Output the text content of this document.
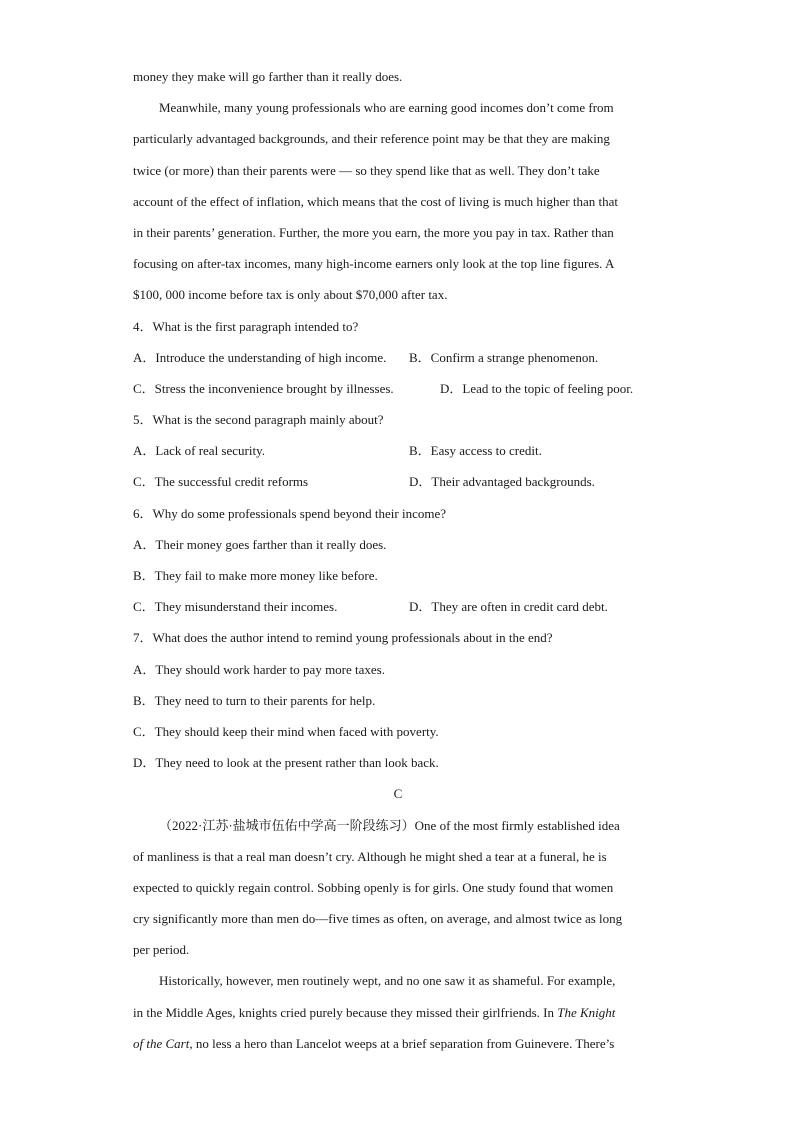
money they make will go farther than it really does.
Meanwhile, many young professionals who are earning good incomes don’t come from
particularly advantaged backgrounds, and their reference point may be that they are making
twice (or more) than their parents were — so they spend like that as well. They don’t take
account of the effect of inflation, which means that the cost of living is much higher than that
in their parents’ generation. Further, the more you earn, the more you pay in tax. Rather than
focusing on after-tax incomes, many high-income earners only look at the top line figures. A
$100, 000 income before tax is only about $70,000 after tax.
4．What is the first paragraph intended to?
A．Introduce the understanding of high income. B．Confirm a strange phenomenon.
C．Stress the inconvenience brought by illnesses.	D．Lead to the topic of feeling poor.
5．What is the second paragraph mainly about?
A．Lack of real security.	B．Easy access to credit.
C．The successful credit reforms	D．Their advantaged backgrounds.
6．Why do some professionals spend beyond their income?
A．Their money goes farther than it really does.
B．They fail to make more money like before.
C．They misunderstand their incomes.	D．They are often in credit card debt.
7．What does the author intend to remind young professionals about in the end?
A．They should work harder to pay more taxes.
B．They need to turn to their parents for help.
C．They should keep their mind when faced with poverty.
D．They need to look at the present rather than look back.
C
（2022·江苏·盐城市伍佑中学高一阶段练习）One of the most firmly established idea
of manliness is that a real man doesn’t cry. Although he might shed a tear at a funeral, he is
expected to quickly regain control. Sobbing openly is for girls. One study found that women
cry significantly more than men do—five times as often, on average, and almost twice as long
per period.
Historically, however, men routinely wept, and no one saw it as shameful. For example,
in the Middle Ages, knights cried purely because they missed their girlfriends. In The Knight
of the Cart, no less a hero than Lancelot weeps at a brief separation from Guinevere. There’s
